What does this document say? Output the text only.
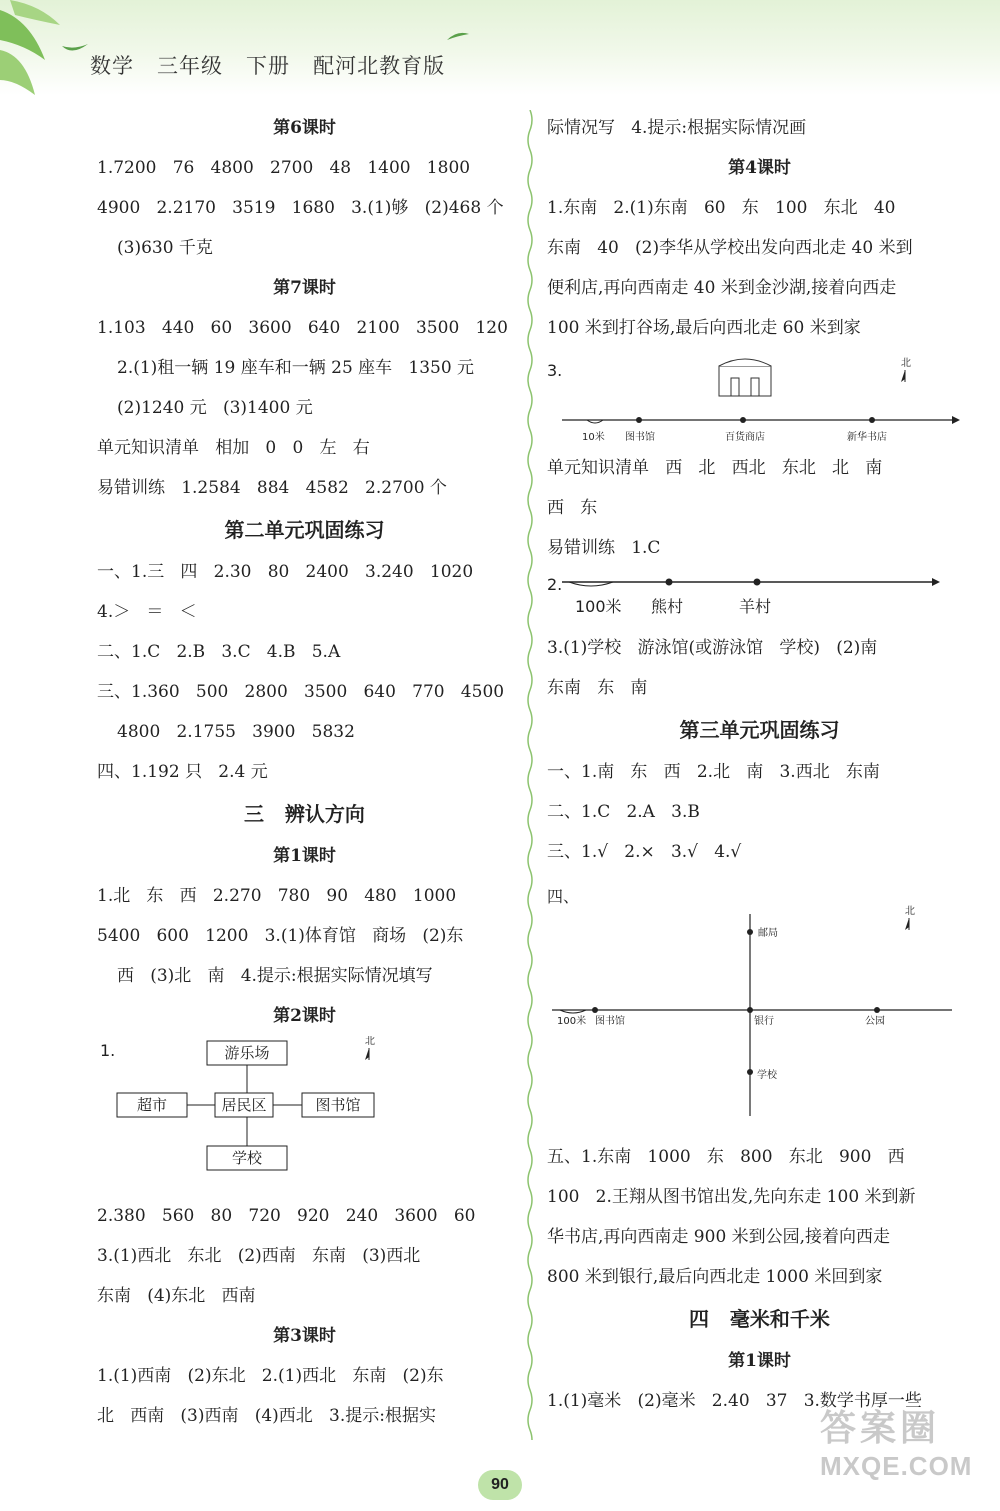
数学   三年级   下册   配河北教育版
第6课时
1.7200   76   4800   2700   48   1400   1800
4900   2.2170   3519   1680   3.(1)够   (2)468 个
(3)630 千克
第7课时
1.103   440   60   3600   640   2100   3500   120
2.(1)租一辆 19 座车和一辆 25 座车   1350 元
(2)1240 元   (3)1400 元
单元知识清单   相加   0   0   左   右
易错训练   1.2584   884   4582   2.2700 个
第二单元巩固练习
一、1.三   四   2.30   80   2400   3.240   1020
4.＞   ＝   ＜
二、1.C   2.B   3.C   4.B   5.A
三、1.360   500   2800   3500   640   770   4500
4800   2.1755   3900   5832
四、1.192 只   2.4 元
三   辨认方向
第1课时
1.北   东   西   2.270   780   90   480   1000
5400   600   1200   3.(1)体育馆   商场   (2)东
西   (3)北   南   4.提示:根据实际情况填写
第2课时
1.	游乐场
超市	居民区	图书馆
学校
北
2.380   560   80   720   920   240   3600   60
3.(1)西北   东北   (2)西南   东南   (3)西北
东南   (4)东北   西南
第3课时
1.(1)西南   (2)东北   2.(1)西北   东南   (2)东
北   西南   (3)西南   (4)西北   3.提示:根据实
际情况写   4.提示:根据实际情况画
第4课时
1.东南   2.(1)东南   60   东   100   东北   40
东南   40   (2)李华从学校出发向西北走 40 米到
便利店,再向西南走 40 米到金沙湖,接着向西走
100 米到打谷场,最后向西北走 60 米到家
3.
10米 图书馆	百货商店	新华书店
北
单元知识清单   西   北   西北   东北   北   南
西   东
易错训练   1.C
2.
100米 熊村	羊村
3.(1)学校   游泳馆(或游泳馆   学校)   (2)南
东南   东   南
第三单元巩固练习
一、1.南   东   西   2.北   南   3.西北   东南
二、1.C   2.A   3.B
三、1.√   2.×   3.√   4.√
四、
邮局
100米 图书馆	银行	公园
学校
北
五、1.东南   1000   东   800   东北   900   西
100   2.王翔从图书馆出发,先向东走 100 米到新
华书店,再向西南走 900 米到公园,接着向西走
800 米到银行,最后向西北走 1000 米回到家
四   毫米和千米
第1课时
1.(1)毫米   (2)毫米   2.40   37   3.数学书厚一些
90
答案圈
MXQE.COM
